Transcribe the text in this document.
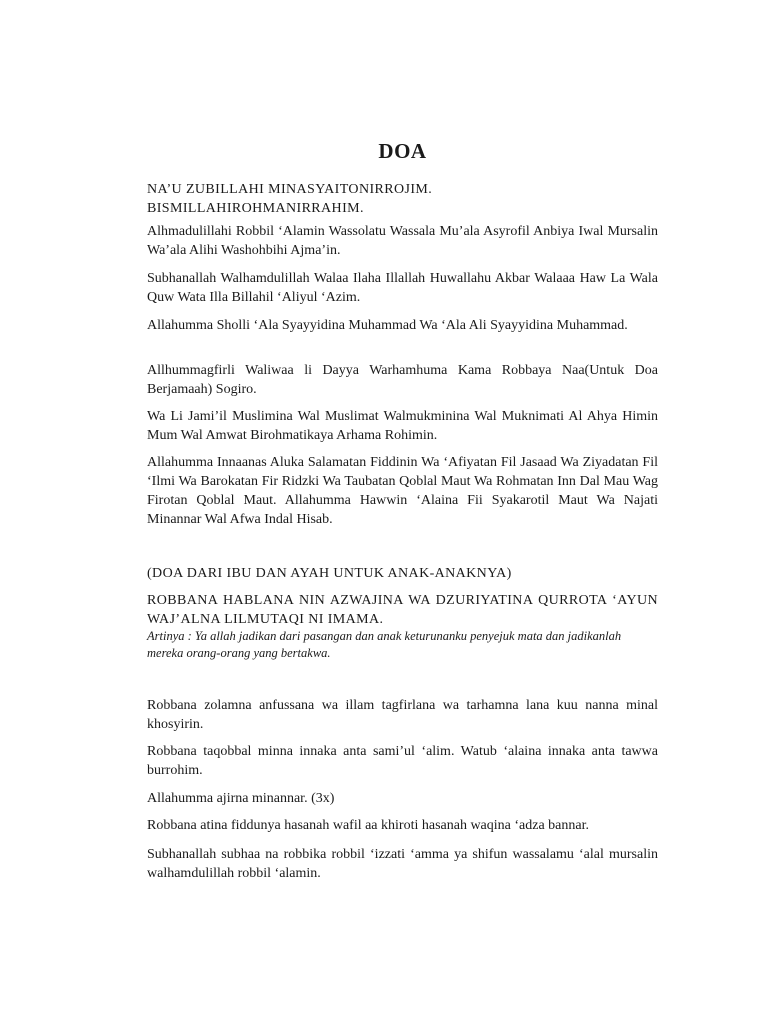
DOA
NA’U ZUBILLAHI MINASYAITONIRROJIM.
BISMILLAHIROHMANIRRAHIM.

Alhmadulillahi Robbil ‘Alamin Wassolatu Wassala Mu’ala Asyrofil Anbiya Iwal Mursalin Wa’ala Alihi Washohbihi Ajma’in.

Subhanallah Walhamdulillah Walaa Ilaha Illallah Huwallahu Akbar Walaaa Haw La Wala Quw Wata Illa Billahil ‘Aliyul ‘Azim.

Allahumma Sholli ‘Ala Syayyidina Muhammad Wa ‘Ala Ali Syayyidina Muhammad.

Allhummagfirli Waliwaa li Dayya Warhamhuma Kama Robbaya Naa(Untuk Doa Berjamaah) Sogiro.

Wa Li Jami’il Muslimina Wal Muslimat Walmukminina Wal Muknimati Al Ahya Himin Mum Wal Amwat Birohmatikaya Arhama Rohimin.

Allahumma Innaanas Aluka Salamatan Fiddinin Wa ‘Afiyatan Fil Jasaad Wa Ziyadatan Fil ‘Ilmi Wa Barokatan Fir Ridzki Wa Taubatan Qoblal Maut Wa Rohmatan Inn Dal Mau Wag Firotan Qoblal Maut. Allahumma Hawwin ‘Alaina Fii Syakarotil Maut Wa Najati Minannar Wal Afwa Indal Hisab.

(DOA DARI IBU DAN AYAH UNTUK ANAK-ANAKNYA)

ROBBANA HABLANA NIN AZWAJINA WA DZURIYATINA QURROTA ‘AYUN WAJ’ALNA LILMUTAQI NI IMAMA.

Artinya : Ya allah jadikan dari pasangan dan anak keturunanku penyejuk mata dan jadikanlah mereka orang-orang yang bertakwa.

Robbana zolamna anfussana wa illam tagfirlana wa tarhamna lana kuu nanna minal khosyirin.

Robbana taqobbal minna innaka anta sami’ul ‘alim. Watub ‘alaina innaka anta tawwa burrohim.

Allahumma ajirna minannar. (3x)

Robbana atina fiddunya hasanah wafil aa khiroti hasanah waqina ‘adza bannar.

Subhanallah subhaa na robbika robbil ‘izzati ‘amma ya shifun wassalamu ‘alal mursalin walhamdulillah robbil ‘alamin.
